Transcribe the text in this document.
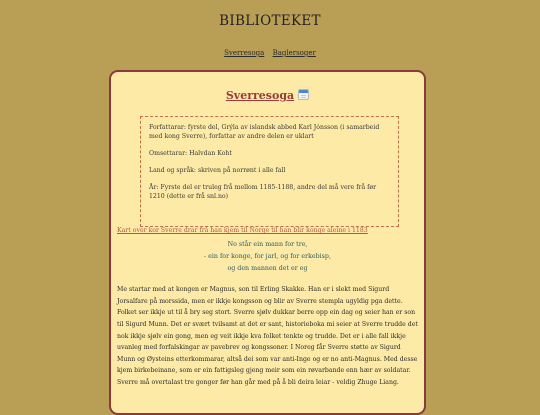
BIBLIOTEKET
Sverresoga Baglersoger
Sverresoga

Forfattarar: fyrste del, Grýla av islandsk abbed Karl Jónsson (i samarbeid med kong Sverre), forfattar av andre delen er uklart

Omsettarar: Halvdan Koht

Land og språk: skriven på norrønt i alle fall

År: Fyrste del er truleg frå mellom 1185-1188, andre del må vere frå før 1210 (dette er frå snl.no)

Kart over kor Sverre drar frå han kjem til Norge til han blir konge aleine i 1183
No står ein mann for tre,
- ein for konge, for jarl, og for erkebisp,
og den mannen det er eg

Me startar med at kongen er Magnus, son til Erling Skakke. Han er i slekt med Sigurd Jorsalfare på morssida, men er ikkje kongsson og blir av Sverre stempla ugyldig pga dette. Folket ser ikkje ut til å bry seg stort. Sverre sjølv dukkar berre opp ein dag og seier han er son til Sigurd Munn. Det er svært tvilsamt at det er sant, historieboka mi seier at Sverre trudde det nok ikkje sjølv ein gong, men eg veit ikkje kva folket tenkte og trudde. Det er i alle fall ikkje uvanleg med forfalskingar av pavebrev og kongssoner. I Noreg får Sverre støtte av Sigurd Munn og Øysteins etterkommarar, altså dei som var anti-Inge og er no anti-Magnus. Med desse kjem birkebeinane, som er ein fattigsleg gjeng meir som ein røvarbande enn hær av soldatar. Sverre må overtalast tre gonger før han går med på å bli deira leiar - veldig Zhuge Liang.
